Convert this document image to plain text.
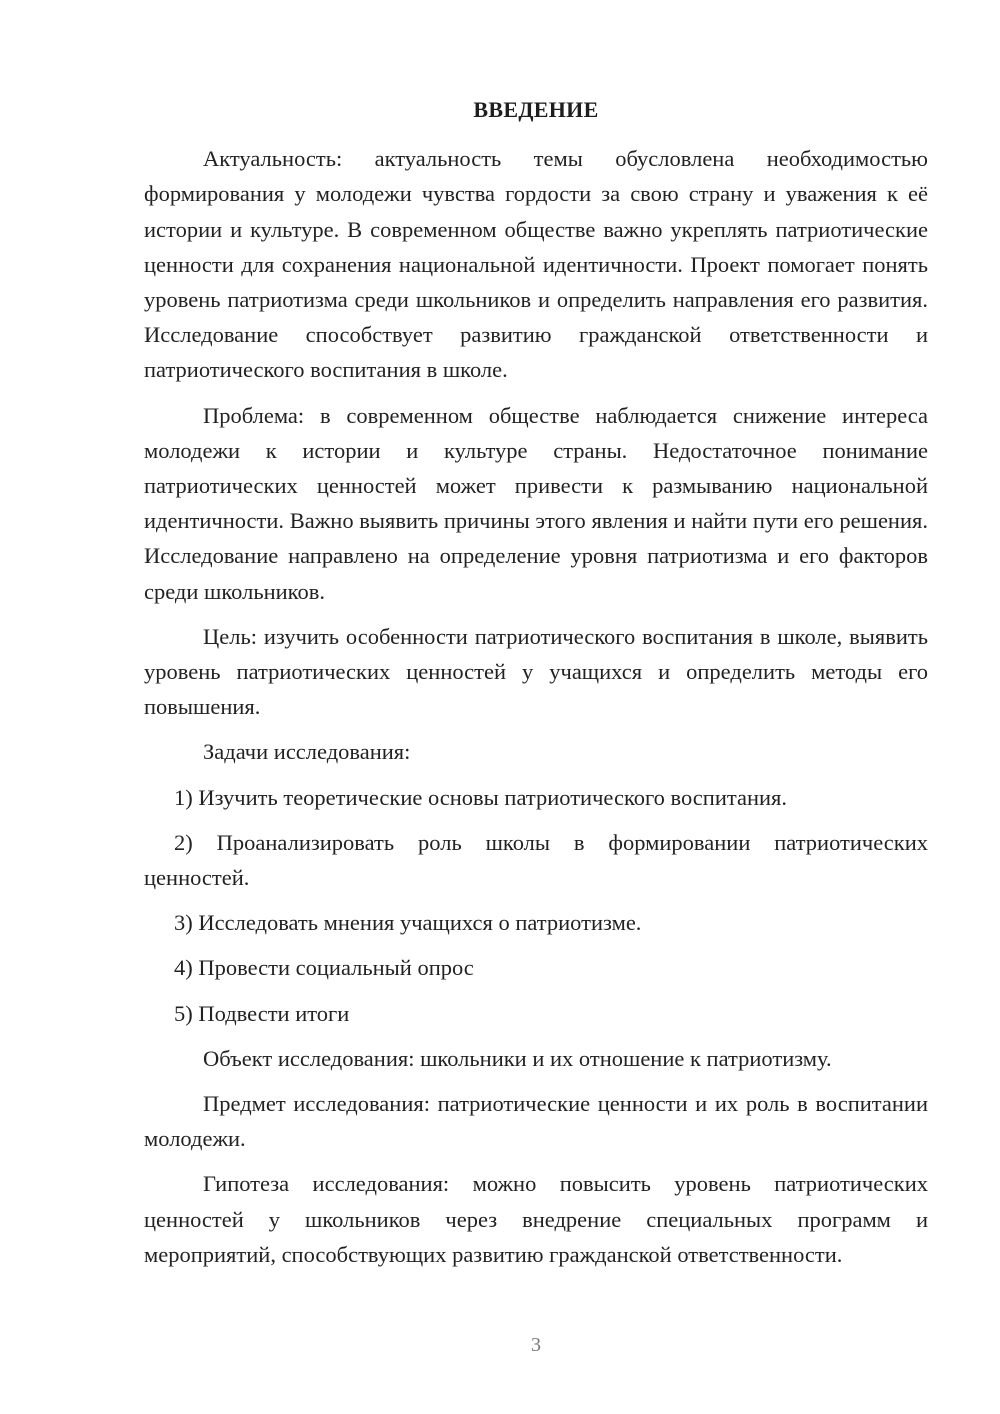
ВВЕДЕНИЕ

Актуальность: актуальность темы обусловлена необходимостью формирования у молодежи чувства гордости за свою страну и уважения к её истории и культуре. В современном обществе важно укреплять патриотические ценности для сохранения национальной идентичности. Проект помогает понять уровень патриотизма среди школьников и определить направления его развития. Исследование способствует развитию гражданской ответственности и патриотического воспитания в школе.

Проблема: в современном обществе наблюдается снижение интереса молодежи к истории и культуре страны. Недостаточное понимание патриотических ценностей может привести к размыванию национальной идентичности. Важно выявить причины этого явления и найти пути его решения. Исследование направлено на определение уровня патриотизма и его факторов среди школьников.

Цель: изучить особенности патриотического воспитания в школе, выявить уровень патриотических ценностей у учащихся и определить методы его повышения.

Задачи исследования:

1) Изучить теоретические основы патриотического воспитания.

2) Проанализировать роль школы в формировании патриотических ценностей.

3) Исследовать мнения учащихся о патриотизме.

4) Провести социальный опрос

5) Подвести итоги

Объект исследования: школьники и их отношение к патриотизму.

Предмет исследования: патриотические ценности и их роль в воспитании молодежи.

Гипотеза исследования: можно повысить уровень патриотических ценностей у школьников через внедрение специальных программ и мероприятий, способствующих развитию гражданской ответственности.

3
